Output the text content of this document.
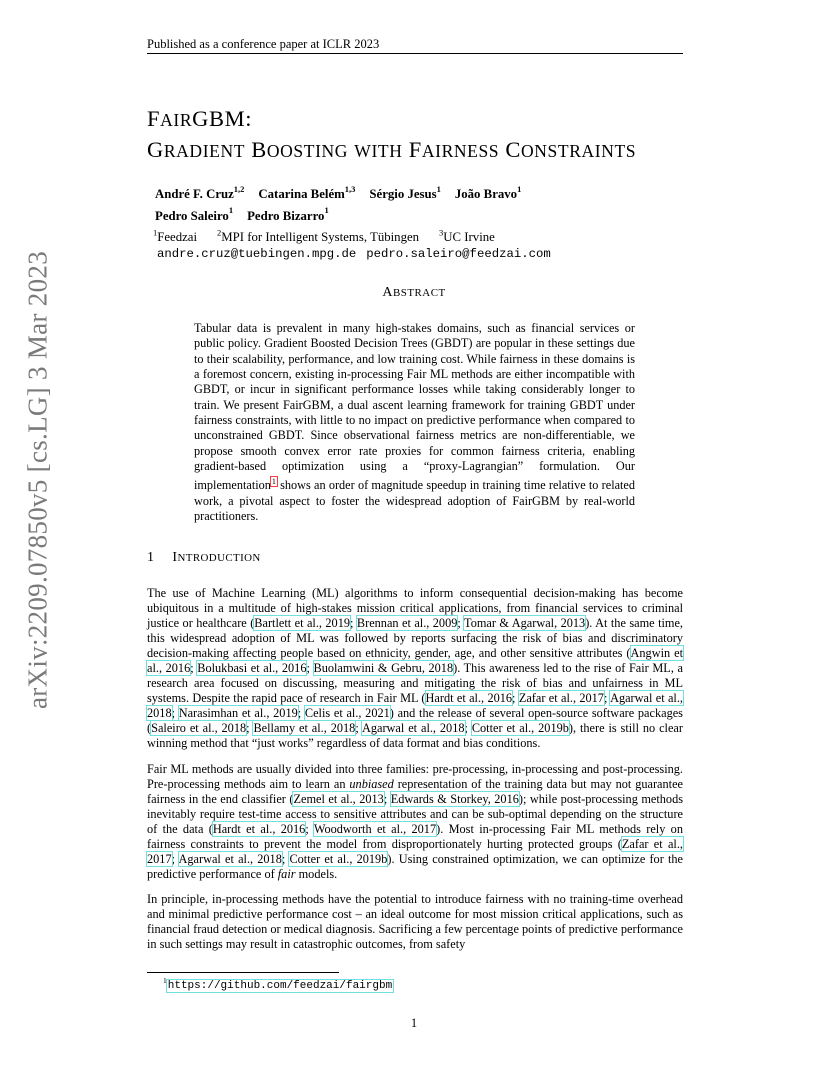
Published as a conference paper at ICLR 2023
arXiv:2209.07850v5 [cs.LG] 3 Mar 2023
FAIRGBM:
GRADIENT BOOSTING WITH FAIRNESS CONSTRAINTS
André F. Cruz$^{1,2}$ Catarina Belém$^{1,3}$ Sérgio Jesus$^1$ João Bravo$^1$
Pedro Saleiro$^1$ Pedro Bizarro$^1$
$^1$Feedzai $^2$MPI for Intelligent Systems, Tübingen $^3$UC Irvine
andre.cruz@tuebingen.mpg.de pedro.saleiro@feedzai.com
ABSTRACT
Tabular data is prevalent in many high-stakes domains, such as financial services or public policy. Gradient Boosted Decision Trees (GBDT) are popular in these settings due to their scalability, performance, and low training cost. While fairness in these domains is a foremost concern, existing in-processing Fair ML methods are either incompatible with GBDT, or incur in significant performance losses while taking considerably longer to train. We present FairGBM, a dual ascent learning framework for training GBDT under fairness constraints, with little to no impact on predictive performance when compared to unconstrained GBDT. Since observational fairness metrics are non-differentiable, we propose smooth convex error rate proxies for common fairness criteria, enabling gradient-based optimization using a “proxy-Lagrangian” formulation. Our implementation$^1$ shows an order of magnitude speedup in training time relative to related work, a pivotal aspect to foster the widespread adoption of FairGBM by real-world practitioners.
1 INTRODUCTION

The use of Machine Learning (ML) algorithms to inform consequential decision-making has become ubiquitous in a multitude of high-stakes mission critical applications, from financial services to criminal justice or healthcare (Bartlett et al., 2019; Brennan et al., 2009; Tomar & Agarwal, 2013). At the same time, this widespread adoption of ML was followed by reports surfacing the risk of bias and discriminatory decision-making affecting people based on ethnicity, gender, age, and other sensitive attributes (Angwin et al., 2016; Bolukbasi et al., 2016; Buolamwini & Gebru, 2018). This awareness led to the rise of Fair ML, a research area focused on discussing, measuring and mitigating the risk of bias and unfairness in ML systems. Despite the rapid pace of research in Fair ML (Hardt et al., 2016; Zafar et al., 2017; Agarwal et al., 2018; Narasimhan et al., 2019; Celis et al., 2021) and the release of several open-source software packages (Saleiro et al., 2018; Bellamy et al., 2018; Agarwal et al., 2018; Cotter et al., 2019b), there is still no clear winning method that “just works” regardless of data format and bias conditions.

Fair ML methods are usually divided into three families: pre-processing, in-processing and post-processing. Pre-processing methods aim to learn an unbiased representation of the training data but may not guarantee fairness in the end classifier (Zemel et al., 2013; Edwards & Storkey, 2016); while post-processing methods inevitably require test-time access to sensitive attributes and can be sub-optimal depending on the structure of the data (Hardt et al., 2016; Woodworth et al., 2017). Most in-processing Fair ML methods rely on fairness constraints to prevent the model from disproportionately hurting protected groups (Zafar et al., 2017; Agarwal et al., 2018; Cotter et al., 2019b). Using constrained optimization, we can optimize for the predictive performance of fair models.

In principle, in-processing methods have the potential to introduce fairness with no training-time overhead and minimal predictive performance cost – an ideal outcome for most mission critical applications, such as financial fraud detection or medical diagnosis. Sacrificing a few percentage points of predictive performance in such settings may result in catastrophic outcomes, from safety

$^1$https://github.com/feedzai/fairgbm
1
